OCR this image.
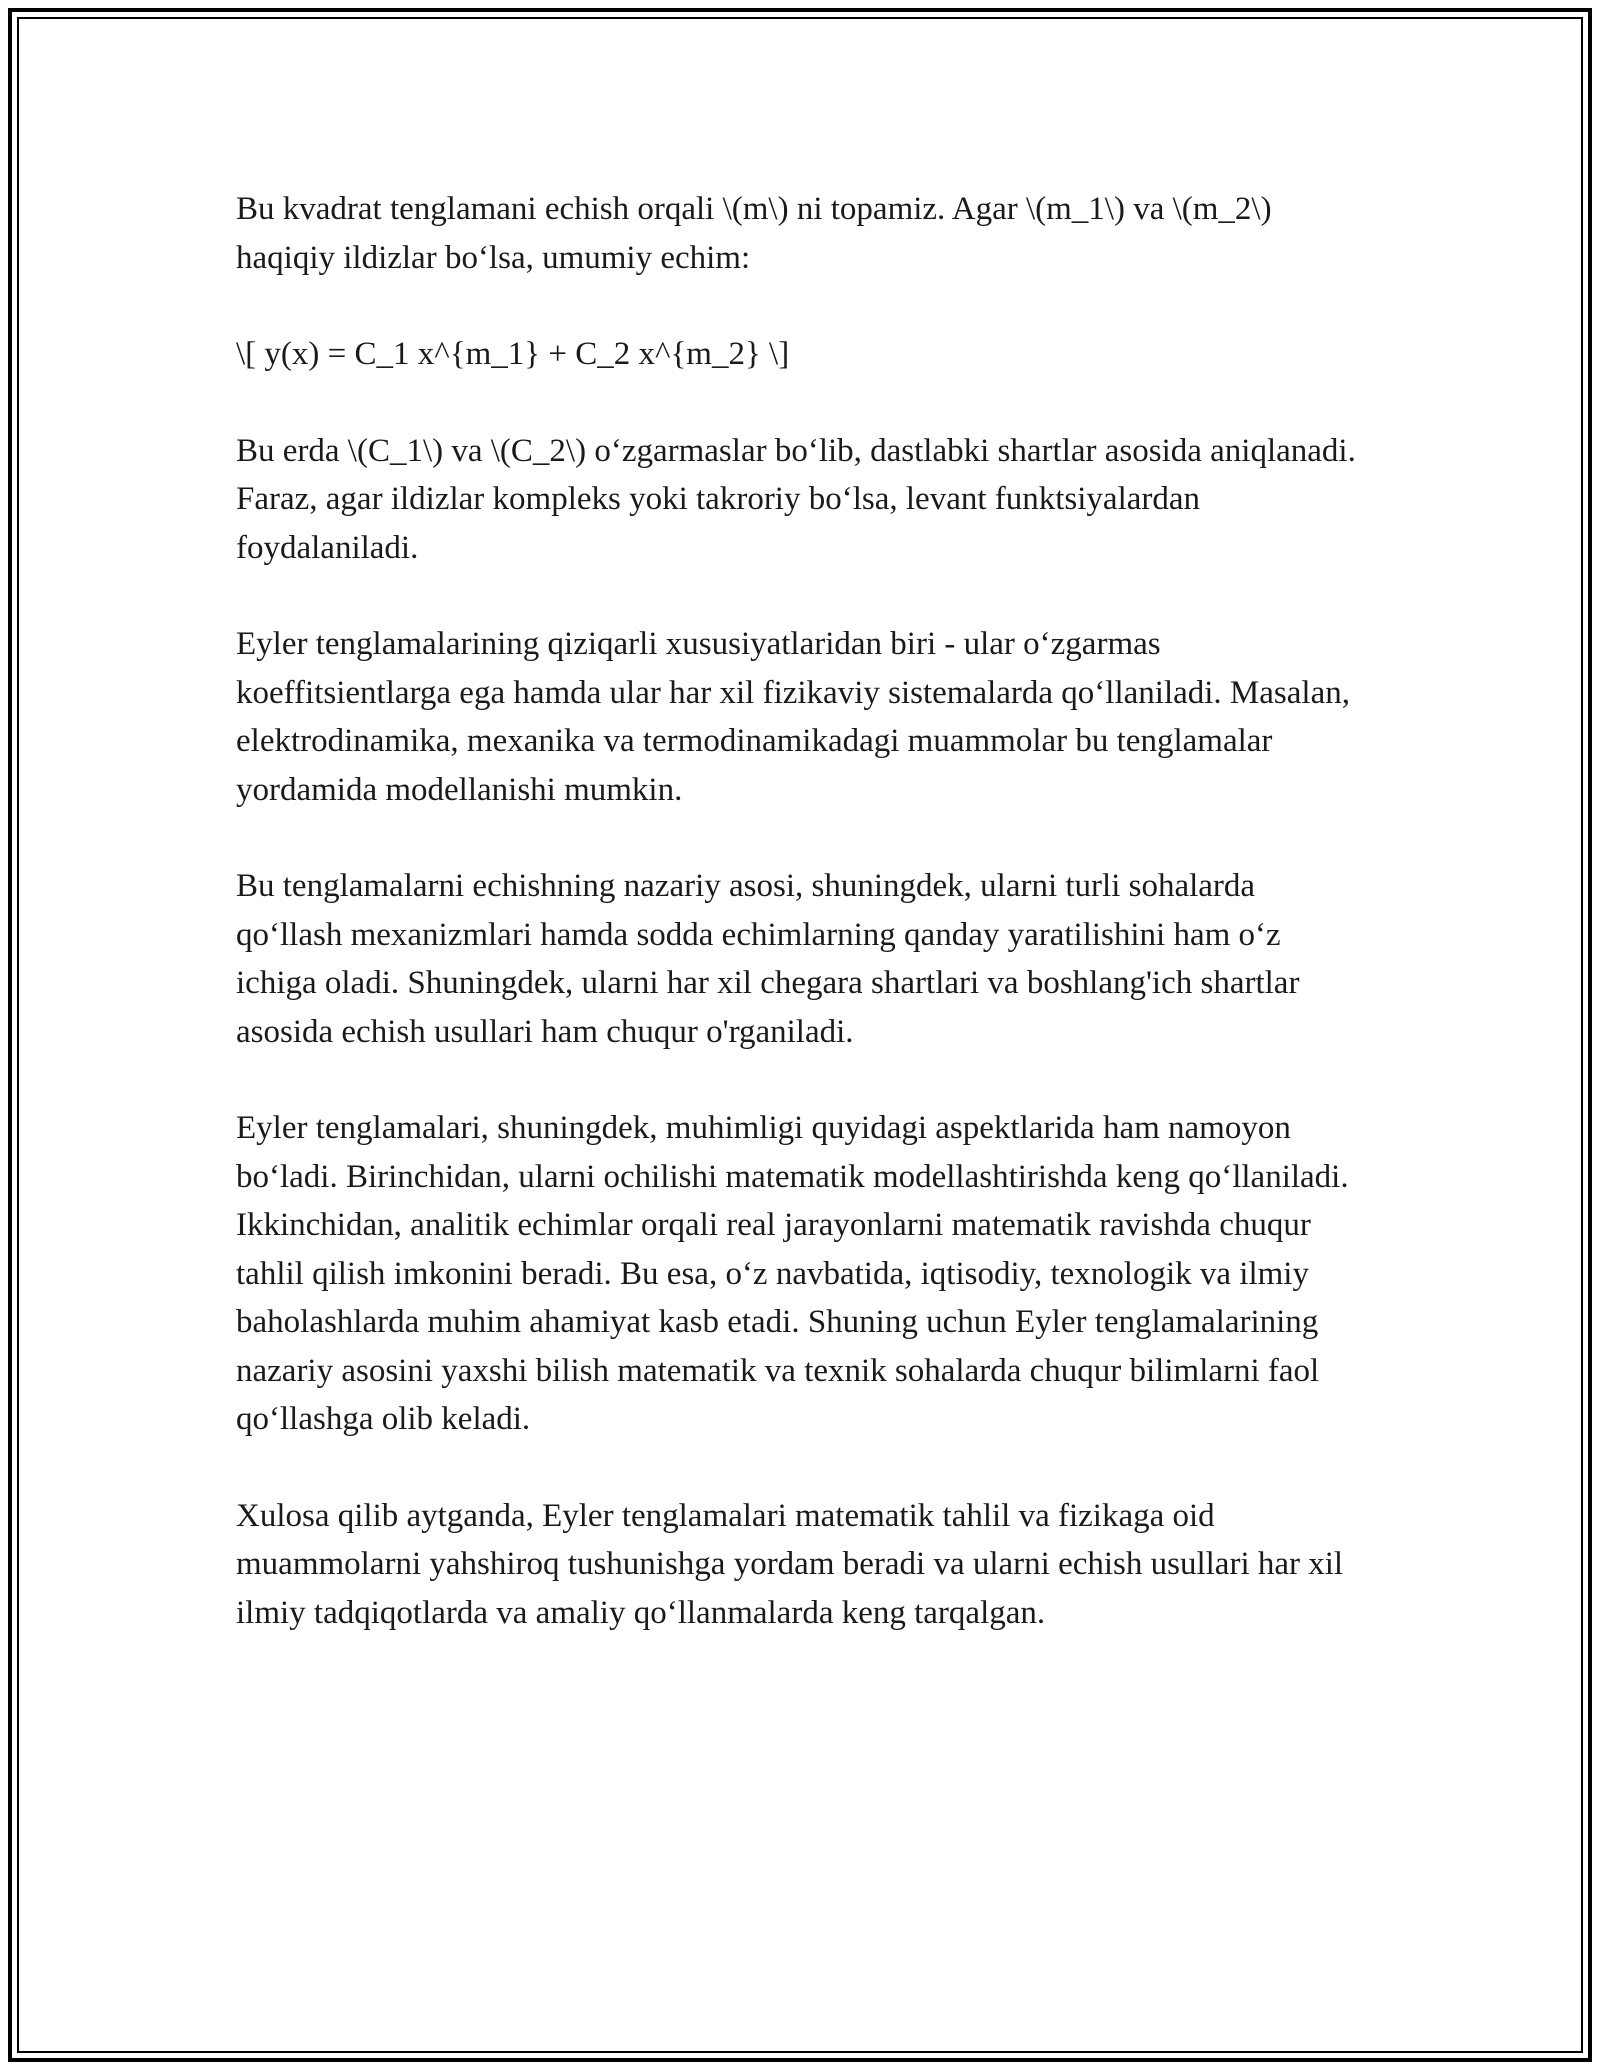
Bu kvadrat tenglamani echish orqali \(m\) ni topamiz. Agar \(m_1\) va \(m_2\) haqiqiy ildizlar bo‘lsa, umumiy echim:

\[ y(x) = C_1 x^{m_1} + C_2 x^{m_2} \]

Bu erda \(C_1\) va \(C_2\) o‘zgarmaslar bo‘lib, dastlabki shartlar asosida aniqlanadi. Faraz, agar ildizlar kompleks yoki takroriy bo‘lsa, levant funktsiyalardan foydalaniladi.

Eyler tenglamalarining qiziqarli xususiyatlaridan biri - ular o‘zgarmas koeffitsientlarga ega hamda ular har xil fizikaviy sistemalarda qo‘llaniladi. Masalan, elektrodinamika, mexanika va termodinamikadagi muammolar bu tenglamalar yordamida modellanishi mumkin.

Bu tenglamalarni echishning nazariy asosi, shuningdek, ularni turli sohalarda qo‘llash mexanizmlari hamda sodda echimlarning qanday yaratilishini ham o‘z ichiga oladi. Shuningdek, ularni har xil chegara shartlari va boshlang'ich shartlar asosida echish usullari ham chuqur o'rganiladi.

Eyler tenglamalari, shuningdek, muhimligi quyidagi aspektlarida ham namoyon bo‘ladi. Birinchidan, ularni ochilishi matematik modellashtirishda keng qo‘llaniladi. Ikkinchidan, analitik echimlar orqali real jarayonlarni matematik ravishda chuqur tahlil qilish imkonini beradi. Bu esa, o‘z navbatida, iqtisodiy, texnologik va ilmiy baholashlarda muhim ahamiyat kasb etadi. Shuning uchun Eyler tenglamalarining nazariy asosini yaxshi bilish matematik va texnik sohalarda chuqur bilimlarni faol qo‘llashga olib keladi.

Xulosa qilib aytganda, Eyler tenglamalari matematik tahlil va fizikaga oid muammolarni yahshiroq tushunishga yordam beradi va ularni echish usullari har xil ilmiy tadqiqotlarda va amaliy qo‘llanmalarda keng tarqalgan.
